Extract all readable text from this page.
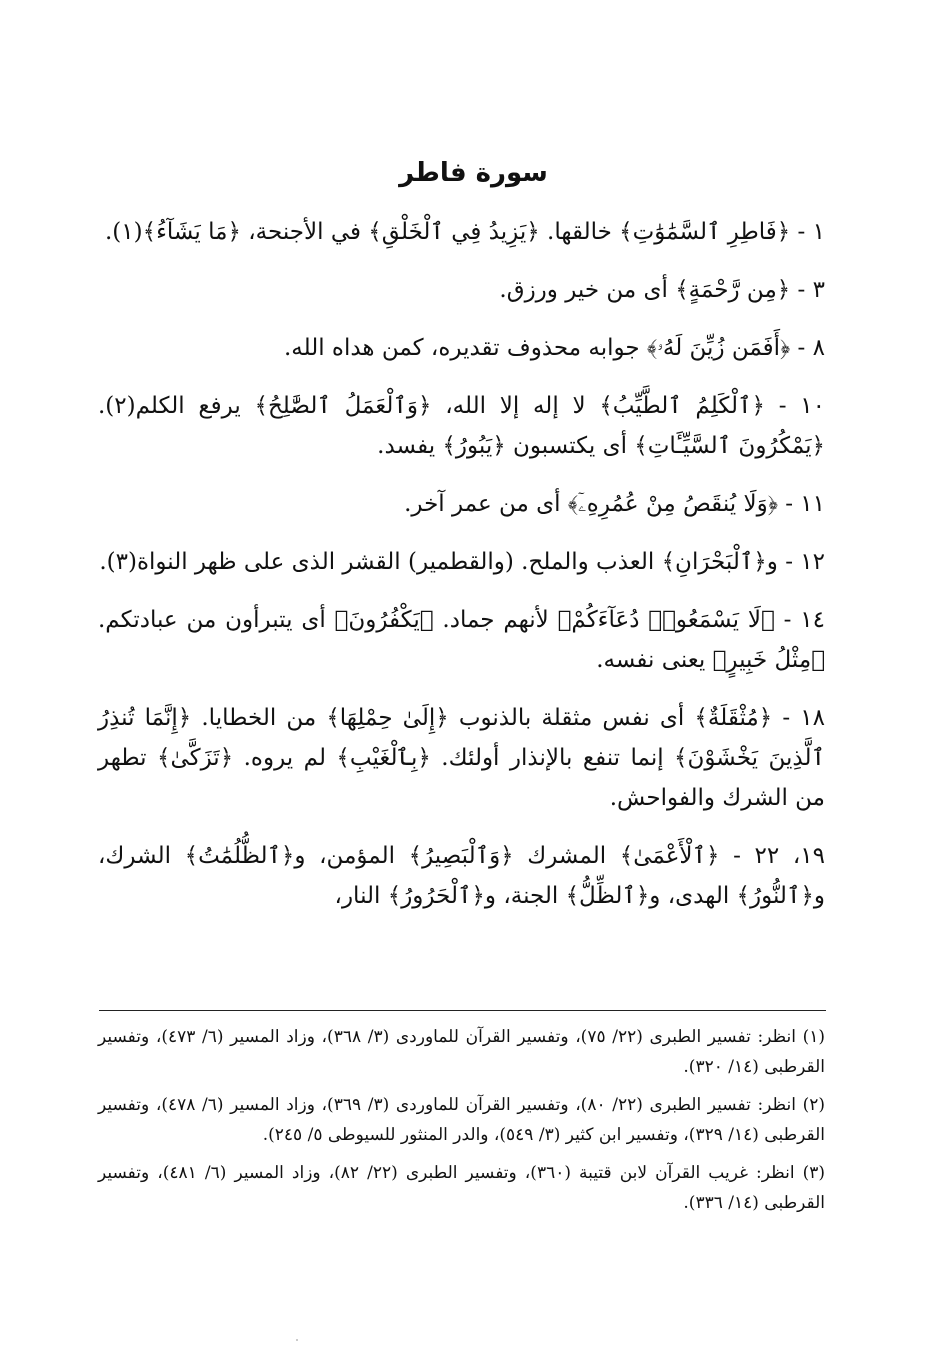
سورة فاطر

١ - ﴿فَاطِرِ ٱلسَّمَٰوَٰتِ﴾ خالقها. ﴿يَزِيدُ فِي ٱلْخَلْقِ﴾ في الأجنحة، ﴿مَا يَشَآءُ﴾(١).

٣ - ﴿مِن رَّحْمَةٍ﴾ أى من خير ورزق.

٨ - ﴿أَفَمَن زُيِّنَ لَهُۥ﴾ جوابه محذوف تقديره، كمن هداه الله.

١٠ - ﴿ٱلْكَلِمُ ٱلطَّيِّبُ﴾ لا إله إلا الله، ﴿وَٱلْعَمَلُ ٱلصَّٰلِحُ﴾ يرفع الكلم(٢). ﴿يَمْكُرُونَ ٱلسَّيِّـَٔاتِ﴾ أى يكتسبون ﴿يَبُورُ﴾ يفسد.

١١ - ﴿وَلَا يُنقَصُ مِنْ عُمُرِهِۦٓ﴾ أى من عمر آخر.

١٢ - و﴿ٱلْبَحْرَانِ﴾ العذب والملح. (والقطمير) القشر الذى على ظهر النواة(٣).

١٤ - ﴿لَا يَسْمَعُوا۟ دُعَآءَكُمْ﴾ لأنهم جماد. ﴿يَكْفُرُونَ﴾ أى يتبرأون من عبادتكم. ﴿مِثْلُ خَبِيرٍ﴾ يعنى نفسه.

١٨ - ﴿مُثْقَلَةٌ﴾ أى نفس مثقلة بالذنوب ﴿إِلَىٰ حِمْلِهَا﴾ من الخطايا. ﴿إِنَّمَا تُنذِرُ ٱلَّذِينَ يَخْشَوْنَ﴾ إنما تنفع بالإنذار أولئك. ﴿بِٱلْغَيْبِ﴾ لم يروه. ﴿تَزَكَّىٰ﴾ تطهر من الشرك والفواحش.

١٩، ٢٢ - ﴿ٱلْأَعْمَىٰ﴾ المشرك ﴿وَٱلْبَصِيرُ﴾ المؤمن، و﴿ٱلظُّلُمَٰتُ﴾ الشرك، و﴿ٱلنُّورُ﴾ الهدى، و﴿ٱلظِّلُّ﴾ الجنة، و﴿ٱلْحَرُورُ﴾ النار،

(١) انظر: تفسير الطبرى (٢٢/ ٧٥)، وتفسير القرآن للماوردى (٣/ ٣٦٨)، وزاد المسير (٦/ ٤٧٣)، وتفسير القرطبى (١٤/ ٣٢٠).

(٢) انظر: تفسير الطبرى (٢٢/ ٨٠)، وتفسير القرآن للماوردى (٣/ ٣٦٩)، وزاد المسير (٦/ ٤٧٨)، وتفسير القرطبى (١٤/ ٣٢٩)، وتفسير ابن كثير (٣/ ٥٤٩)، والدر المنثور للسيوطى ٥/ ٢٤٥).

(٣) انظر: غريب القرآن لابن قتيبة (٣٦٠)، وتفسير الطبرى (٢٢/ ٨٢)، وزاد المسير (٦/ ٤٨١)، وتفسير القرطبى (١٤/ ٣٣٦).
